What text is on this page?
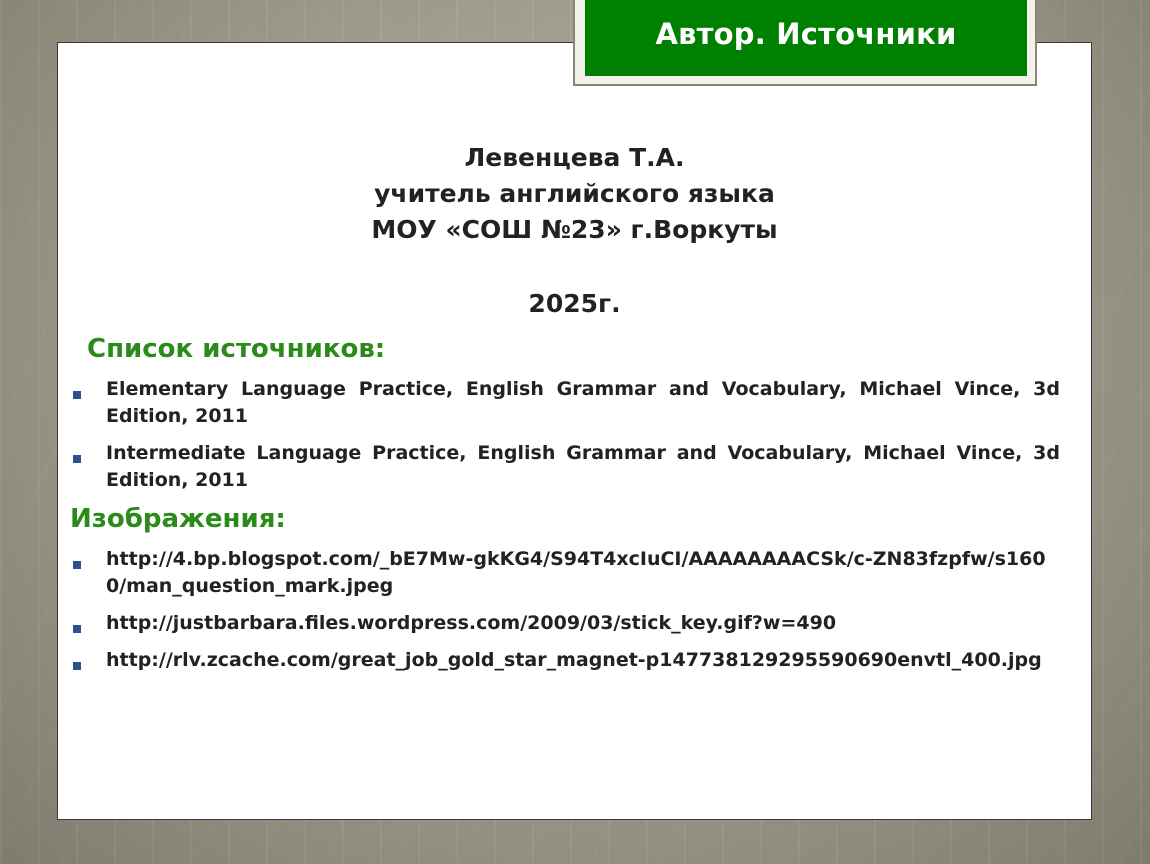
Автор. Источники
Левенцева Т.А.
учитель английского языка
МОУ «СОШ №23» г.Воркуты
2025г.
Список источников:
Elementary Language Practice, English Grammar and Vocabulary, Michael Vince, 3d Edition, 2011
Intermediate Language Practice, English Grammar and Vocabulary, Michael Vince, 3d Edition, 2011
Изображения:
http://4.bp.blogspot.com/_bE7Mw-gkKG4/S94T4xcIuCI/AAAAAAAACSk/c-ZN83fzpfw/s1600/man_question_mark.jpeg
http://justbarbara.files.wordpress.com/2009/03/stick_key.gif?w=490
http://rlv.zcache.com/great_job_gold_star_magnet-p147738129295590690envtl_400.jpg
